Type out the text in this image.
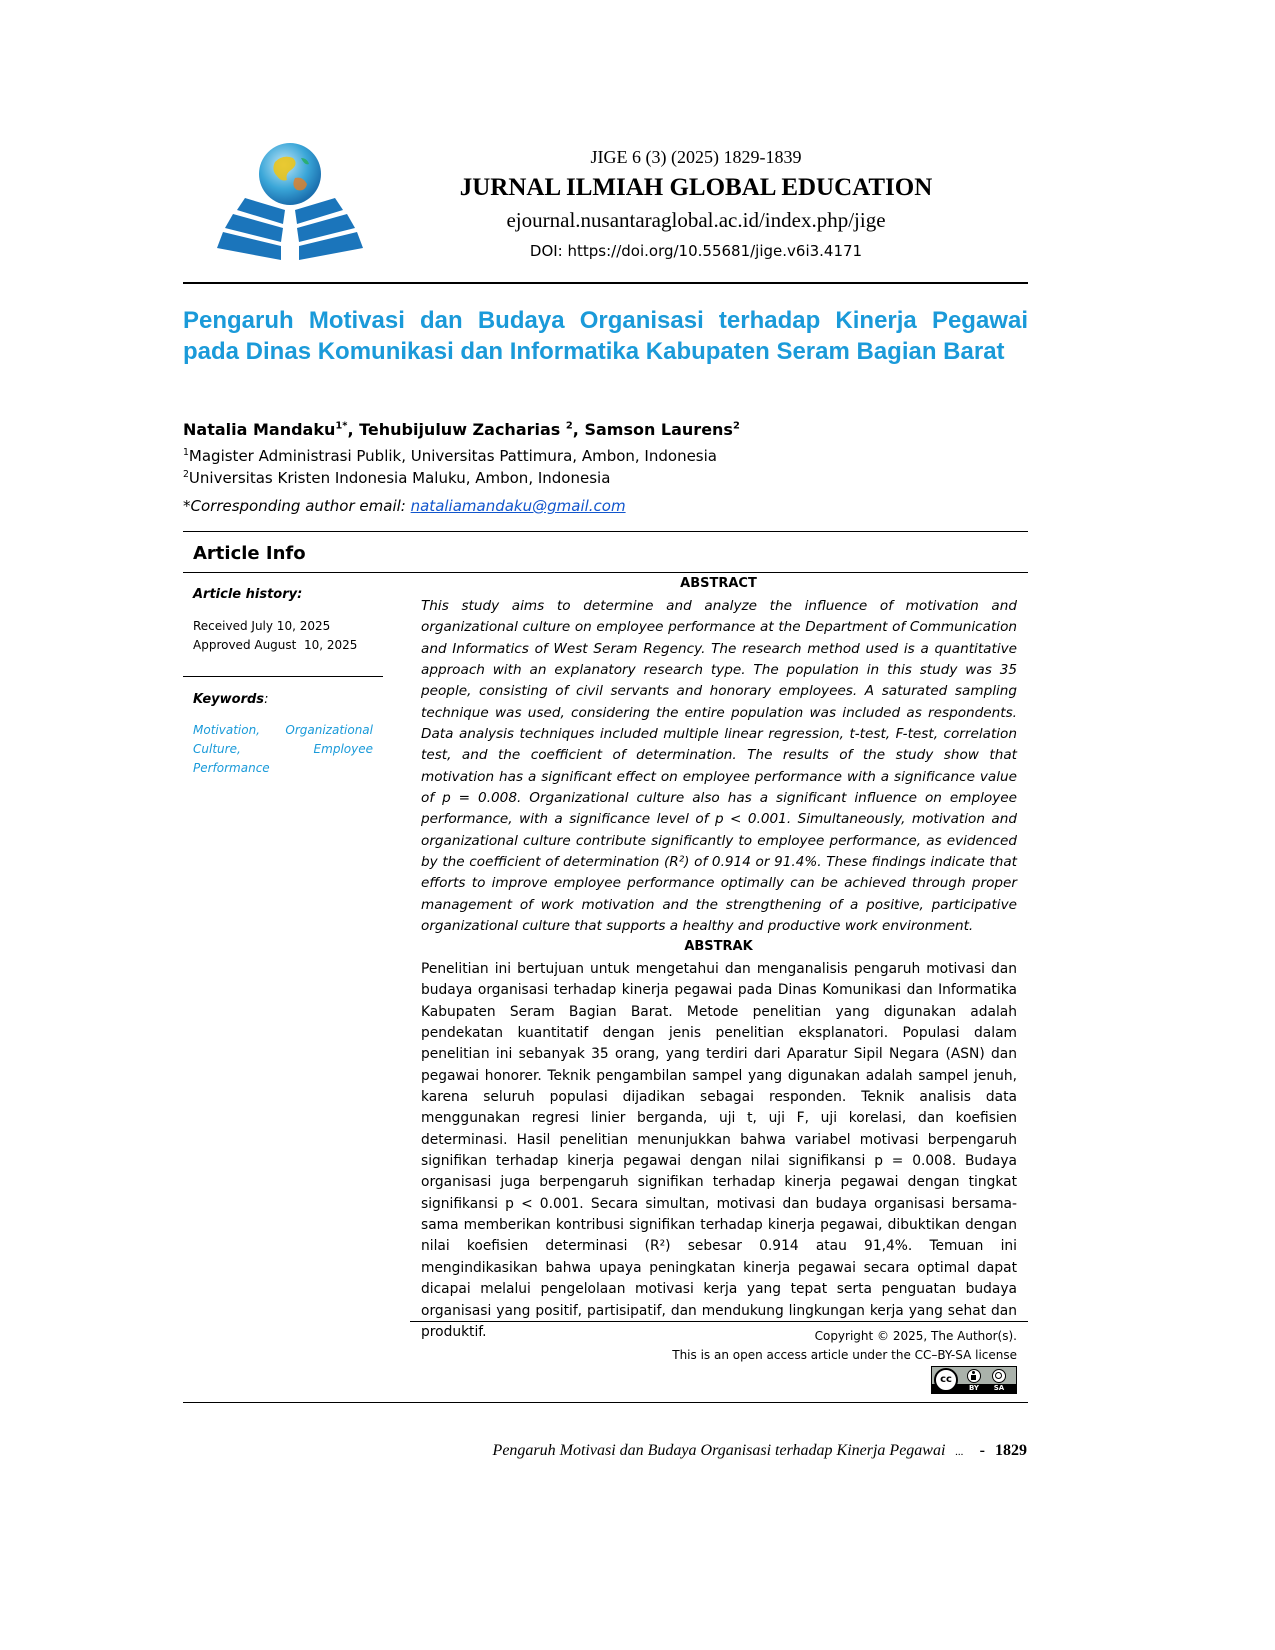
JIGE 6 (3) (2025) 1829-1839
JURNAL ILMIAH GLOBAL EDUCATION
ejournal.nusantaraglobal.ac.id/index.php/jige
DOI: https://doi.org/10.55681/jige.v6i3.4171
Pengaruh Motivasi dan Budaya Organisasi terhadap Kinerja Pegawai pada Dinas Komunikasi dan Informatika Kabupaten Seram Bagian Barat
Natalia Mandaku$^{1*}$, Tehubijuluw Zacharias $^2$, Samson Laurens$^2$
$^1$Magister Administrasi Publik, Universitas Pattimura, Ambon, Indonesia
$^2$Universitas Kristen Indonesia Maluku, Ambon, Indonesia
*Corresponding author email: nataliamandaku@gmail.com
Article Info
Article history:
Received July 10, 2025
Approved August  10, 2025
Keywords:
Motivation, Organizational Culture, Employee Performance
ABSTRACT
This study aims to determine and analyze the influence of motivation and organizational culture on employee performance at the Department of Communication and Informatics of West Seram Regency. The research method used is a quantitative approach with an explanatory research type. The population in this study was 35 people, consisting of civil servants and honorary employees. A saturated sampling technique was used, considering the entire population was included as respondents. Data analysis techniques included multiple linear regression, t-test, F-test, correlation test, and the coefficient of determination. The results of the study show that motivation has a significant effect on employee performance with a significance value of p = 0.008. Organizational culture also has a significant influence on employee performance, with a significance level of p < 0.001. Simultaneously, motivation and organizational culture contribute significantly to employee performance, as evidenced by the coefficient of determination (R²) of 0.914 or 91.4%. These findings indicate that efforts to improve employee performance optimally can be achieved through proper management of work motivation and the strengthening of a positive, participative organizational culture that supports a healthy and productive work environment.
ABSTRAK
Penelitian ini bertujuan untuk mengetahui dan menganalisis pengaruh motivasi dan budaya organisasi terhadap kinerja pegawai pada Dinas Komunikasi dan Informatika Kabupaten Seram Bagian Barat. Metode penelitian yang digunakan adalah pendekatan kuantitatif dengan jenis penelitian eksplanatori. Populasi dalam penelitian ini sebanyak 35 orang, yang terdiri dari Aparatur Sipil Negara (ASN) dan pegawai honorer. Teknik pengambilan sampel yang digunakan adalah sampel jenuh, karena seluruh populasi dijadikan sebagai responden. Teknik analisis data menggunakan regresi linier berganda, uji t, uji F, uji korelasi, dan koefisien determinasi. Hasil penelitian menunjukkan bahwa variabel motivasi berpengaruh signifikan terhadap kinerja pegawai dengan nilai signifikansi p = 0.008. Budaya organisasi juga berpengaruh signifikan terhadap kinerja pegawai dengan tingkat signifikansi p < 0.001. Secara simultan, motivasi dan budaya organisasi bersama-sama memberikan kontribusi signifikan terhadap kinerja pegawai, dibuktikan dengan nilai koefisien determinasi (R²) sebesar 0.914 atau 91,4%. Temuan ini mengindikasikan bahwa upaya peningkatan kinerja pegawai secara optimal dapat dicapai melalui pengelolaan motivasi kerja yang tepat serta penguatan budaya organisasi yang positif, partisipatif, dan mendukung lingkungan kerja yang sehat dan produktif.	Copyright © 2025, The Author(s).
This is an open access article under the CC–BY-SA license
cc
BY	SA
Pengaruh Motivasi dan Budaya Organisasi terhadap Kinerja Pegawai ... - 1829
